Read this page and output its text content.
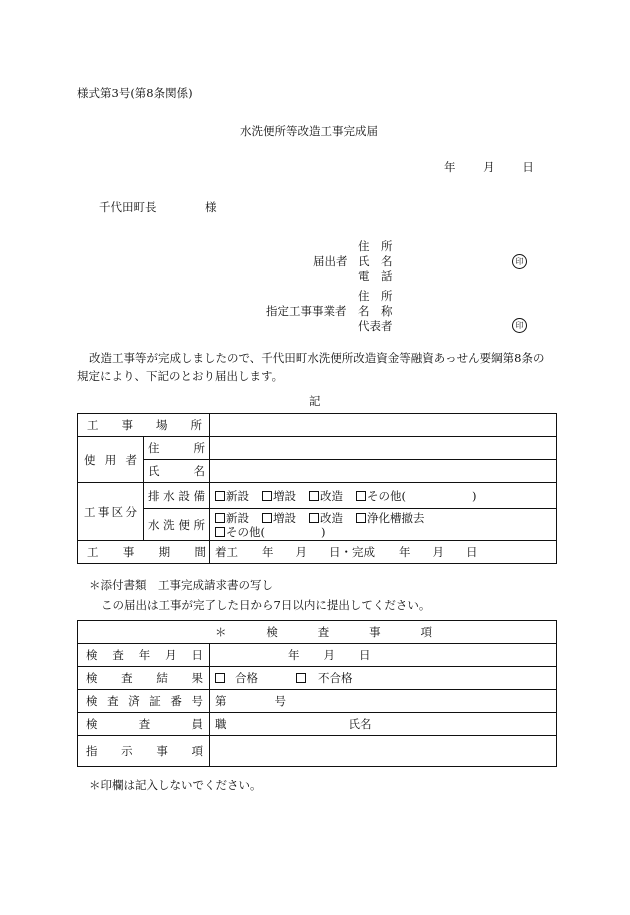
様式第3号(第8条関係)
水洗便所等改造工事完成届
年 月 日
千代田町長	様
住　所
届出者 氏　名
電　話
印
住　所
指定工事事業者 名　称
代表者	印
改造工事等が完成しましたので、千代田町水洗便所改造資金等融資あっせん要綱第8条の規定により、下記のとおり届出します。
記
工事場所		
使用者	住所	
	氏名	
工事区分	排水設備	新設 増設 改造 その他( )
	水洗便所	新設 増設 改造 浄化槽撤去
その他( )

工事期間		着工 年 月 日・完成 年 月 日
＊添付書類　工事完成請求書の写し
この届出は工事が完了した日から7日以内に提出してください。
＊ 検 査 事 項	

検査年月日	年 月 日
検査結果	合格 不合格
検査済証番号	第 号
検査員	職 氏名
指示事項	
＊印欄は記入しないでください。
